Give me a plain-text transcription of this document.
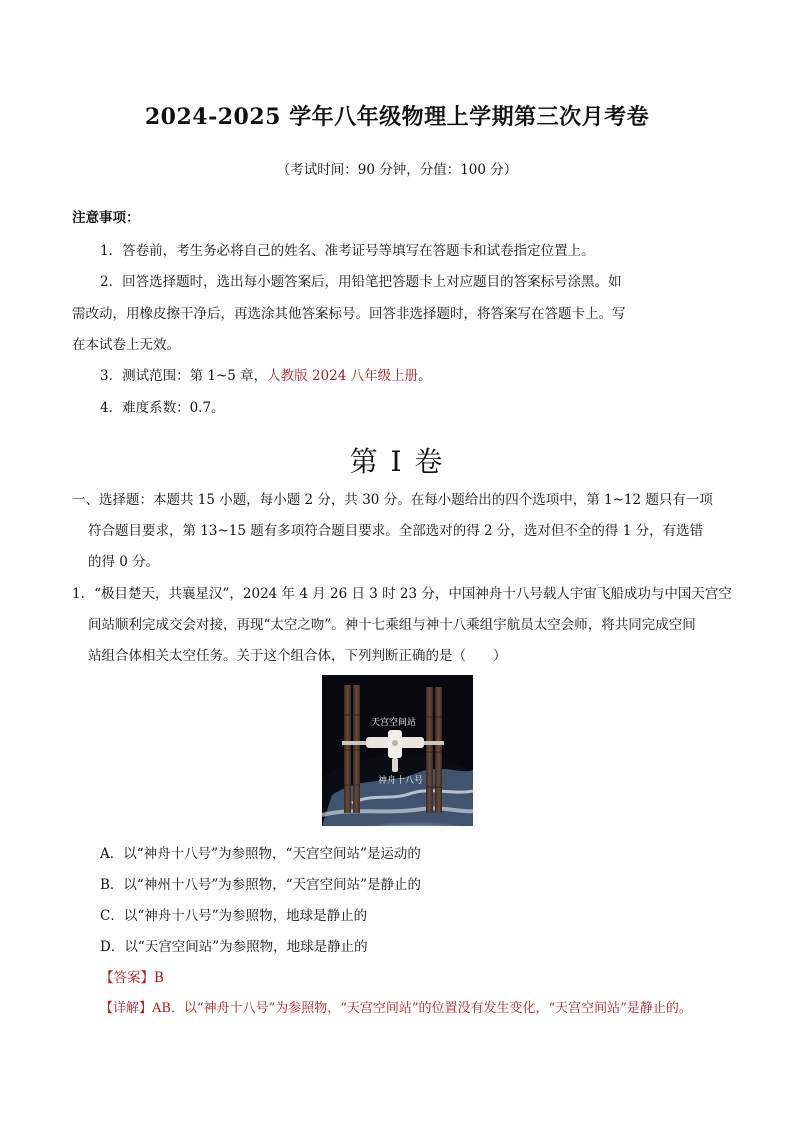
2024-2025 学年八年级物理上学期第三次月考卷
（考试时间：90 分钟，分值：100 分）
注意事项：
1．答卷前，考生务必将自己的姓名、准考证号等填写在答题卡和试卷指定位置上。
2．回答选择题时，选出每小题答案后，用铅笔把答题卡上对应题目的答案标号涂黑。如
需改动，用橡皮擦干净后，再选涂其他答案标号。回答非选择题时，将答案写在答题卡上。写
在本试卷上无效。
3．测试范围：第 1~5 章，人教版 2024 八年级上册。
4．难度系数：0.7。
第 I 卷
一、选择题：本题共 15 小题，每小题 2 分，共 30 分。在每小题给出的四个选项中，第 1~12 题只有一项
符合题目要求，第 13~15 题有多项符合题目要求。全部选对的得 2 分，选对但不全的得 1 分，有选错
的得 0 分。
1．“极目楚天，共襄星汉”，2024 年 4 月 26 日 3 时 23 分，中国神舟十八号载人宇宙飞船成功与中国天宫空
间站顺利完成交会对接，再现“太空之吻”。神十七乘组与神十八乘组宇航员太空会师，将共同完成空间
站组合体相关太空任务。关于这个组合体，下列判断正确的是（　　）
天宫空间站
神舟十八号
A．以“神舟十八号”为参照物，“天宫空间站”是运动的
B．以“神州十八号”为参照物，“天宫空间站”是静止的
C．以“神舟十八号”为参照物，地球是静止的
D．以“天宫空间站”为参照物，地球是静止的
【答案】B
【详解】AB．以“神舟十八号”为参照物，“天宫空间站”的位置没有发生变化，“天宫空间站”是静止的。
